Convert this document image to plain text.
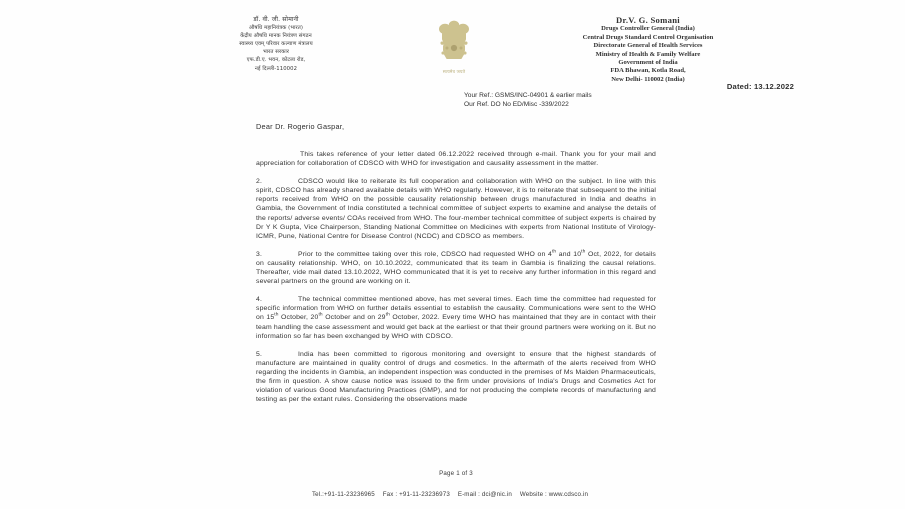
डॉ. वी. जी. सोमानी
औषधि महानियंत्रक (भारत)
केंद्रीय औषधि मानक नियंत्रण संगठन
स्वास्थ्य एवम् परिवार कल्याण मंत्रालय
भारत सरकार
एफ.डी.ए. भवन, कोटला रोड,
नई दिल्ली-110002	सत्यमेव जयते
Dr.V. G. Somani
Drugs Controller General (India)
Central Drugs Standard Control Organisation
Directorate General of Health Services
Ministry of Health & Family Welfare
Government of India
FDA Bhawan, Kotla Road,
New Delhi- 110002 (India)
Dated: 13.12.2022
Your Ref.: GSMS/INC-04901 & earlier mails
Our Ref. DO No ED/Misc -339/2022
Dear Dr. Rogerio Gaspar,

This takes reference of your letter dated 06.12.2022 received through e-mail. Thank you for your mail and appreciation for collaboration of CDSCO with WHO for investigation and causality assessment in the matter.

2.	CDSCO would like to reiterate its full cooperation and collaboration with WHO on the subject. In line with this spirit, CDSCO has already shared available details with WHO regularly. However, it is to reiterate that subsequent to the initial reports received from WHO on the possible causality relationship between drugs manufactured in India and deaths in Gambia, the Government of India constituted a technical committee of subject experts to examine and analyse the details of the reports/ adverse events/ COAs received from WHO. The four-member technical committee of subject experts is chaired by Dr Y K Gupta, Vice Chairperson, Standing National Committee on Medicines with experts from National Institute of Virology-ICMR, Pune, National Centre for Disease Control (NCDC) and CDSCO as members.

3.	Prior to the committee taking over this role, CDSCO had requested WHO on 4th and 10th Oct, 2022, for details on causality relationship. WHO, on 10.10.2022, communicated that its team in Gambia is finalizing the causal relations. Thereafter, vide mail dated 13.10.2022, WHO communicated that it is yet to receive any further information in this regard and several partners on the ground are working on it.

4.	The technical committee mentioned above, has met several times. Each time the committee had requested for specific information from WHO on further details essential to establish the causality. Communications were sent to the WHO on 15th October, 20th October and on 29th October, 2022. Every time WHO has maintained that they are in contact with their team handling the case assessment and would get back at the earliest or that their ground partners were working on it. But no information so far has been exchanged by WHO with CDSCO.

5.	India has been committed to rigorous monitoring and oversight to ensure that the highest standards of manufacture are maintained in quality control of drugs and cosmetics. In the aftermath of the alerts received from WHO regarding the incidents in Gambia, an independent inspection was conducted in the premises of Ms Maiden Pharmaceuticals, the firm in question. A show cause notice was issued to the firm under provisions of India's Drugs and Cosmetics Act for violation of various Good Manufacturing Practices (GMP), and for not producing the complete records of manufacturing and testing as per the extant rules. Considering the observations made

Page 1 of 3
Tel.:+91-11-23236965 Fax : +91-11-23236973 E-mail : dci@nic.in Website : www.cdsco.in
